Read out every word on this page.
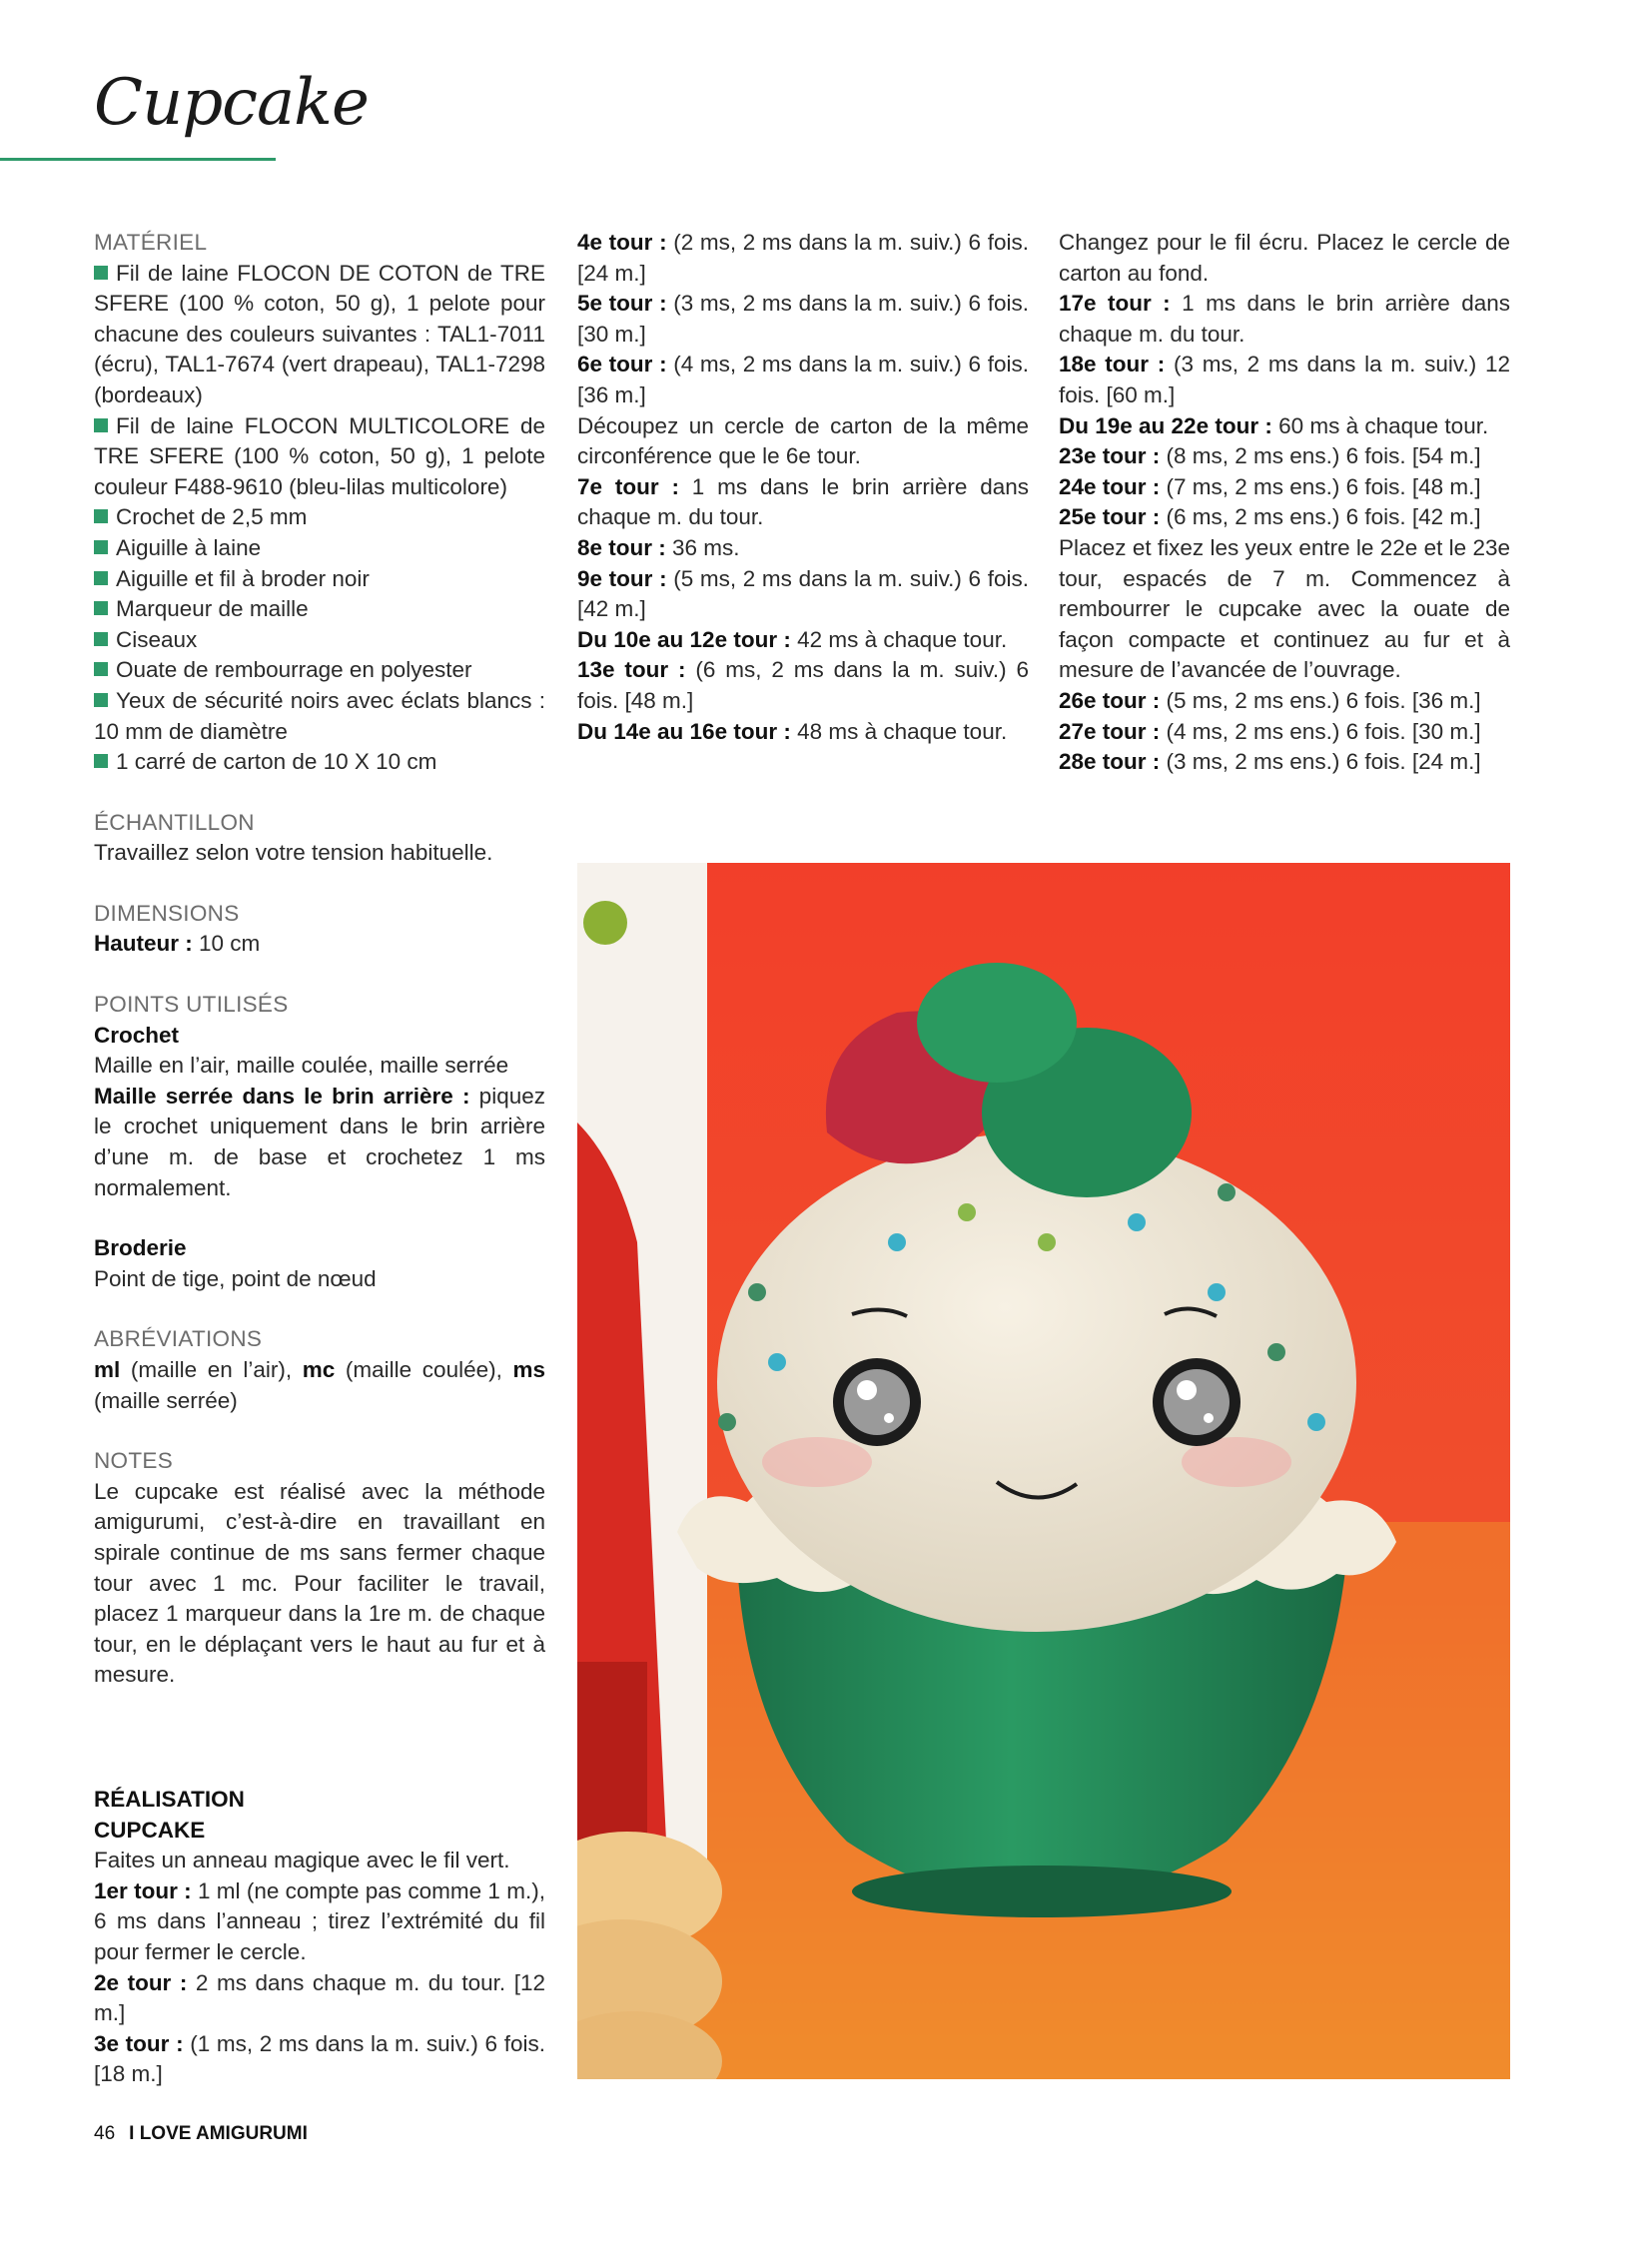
Cupcake

MATÉRIEL

Fil de laine FLOCON DE COTON de TRE SFERE (100 % coton, 50 g), 1 pelote pour chacune des couleurs suivantes : TAL1-7011 (écru), TAL1-7674 (vert drapeau), TAL1-7298 (bordeaux)

Fil de laine FLOCON MULTICOLORE de TRE SFERE (100 % coton, 50 g), 1 pelote couleur F488-9610 (bleu-lilas multicolore)

Crochet de 2,5 mm

Aiguille à laine

Aiguille et fil à broder noir

Marqueur de maille

Ciseaux

Ouate de rembourrage en polyester

Yeux de sécurité noirs avec éclats blancs : 10 mm de diamètre

1 carré de carton de 10 X 10 cm

ÉCHANTILLON

Travaillez selon votre tension habituelle.

DIMENSIONS

Hauteur : 10 cm

POINTS UTILISÉS

Crochet

Maille en l’air, maille coulée, maille serrée

Maille serrée dans le brin arrière : piquez le crochet uniquement dans le brin arrière d’une m. de base et crochetez 1 ms normalement.

Broderie

Point de tige, point de nœud

ABRÉVIATIONS

ml (maille en l’air), mc (maille coulée), ms (maille serrée)

NOTES

Le cupcake est réalisé avec la méthode amigurumi, c’est-à-dire en travaillant en spirale continue de ms sans fermer chaque tour avec 1 mc. Pour faciliter le travail, placez 1 marqueur dans la 1re m. de chaque tour, en le déplaçant vers le haut au fur et à mesure.

RÉALISATION

CUPCAKE

Faites un anneau magique avec le fil vert.

1er tour : 1 ml (ne compte pas comme 1 m.), 6 ms dans l’anneau ; tirez l’extrémité du fil pour fermer le cercle.

2e tour : 2 ms dans chaque m. du tour. [12 m.]

3e tour : (1 ms, 2 ms dans la m. suiv.) 6 fois. [18 m.]

4e tour : (2 ms, 2 ms dans la m. suiv.) 6 fois. [24 m.]

5e tour : (3 ms, 2 ms dans la m. suiv.) 6 fois. [30 m.]

6e tour : (4 ms, 2 ms dans la m. suiv.) 6 fois. [36 m.]

Découpez un cercle de carton de la même circonférence que le 6e tour.

7e tour : 1 ms dans le brin arrière dans chaque m. du tour.

8e tour : 36 ms.

9e tour : (5 ms, 2 ms dans la m. suiv.) 6 fois. [42 m.]

Du 10e au 12e tour : 42 ms à chaque tour.

13e tour : (6 ms, 2 ms dans la m. suiv.) 6 fois. [48 m.]

Du 14e au 16e tour : 48 ms à chaque tour.

Changez pour le fil écru. Placez le cercle de carton au fond.

17e tour : 1 ms dans le brin arrière dans chaque m. du tour.

18e tour : (3 ms, 2 ms dans la m. suiv.) 12 fois. [60 m.]

Du 19e au 22e tour : 60 ms à chaque tour.

23e tour : (8 ms, 2 ms ens.) 6 fois. [54 m.]

24e tour : (7 ms, 2 ms ens.) 6 fois. [48 m.]

25e tour : (6 ms, 2 ms ens.) 6 fois. [42 m.]

Placez et fixez les yeux entre le 22e et le 23e tour, espacés de 7 m. Commencez à rembourrer le cupcake avec la ouate de façon compacte et continuez au fur et à mesure de l’avancée de l’ouvrage.

26e tour : (5 ms, 2 ms ens.) 6 fois. [36 m.]

27e tour : (4 ms, 2 ms ens.) 6 fois. [30 m.]

28e tour : (3 ms, 2 ms ens.) 6 fois. [24 m.]

46 I LOVE AMIGURUMI
